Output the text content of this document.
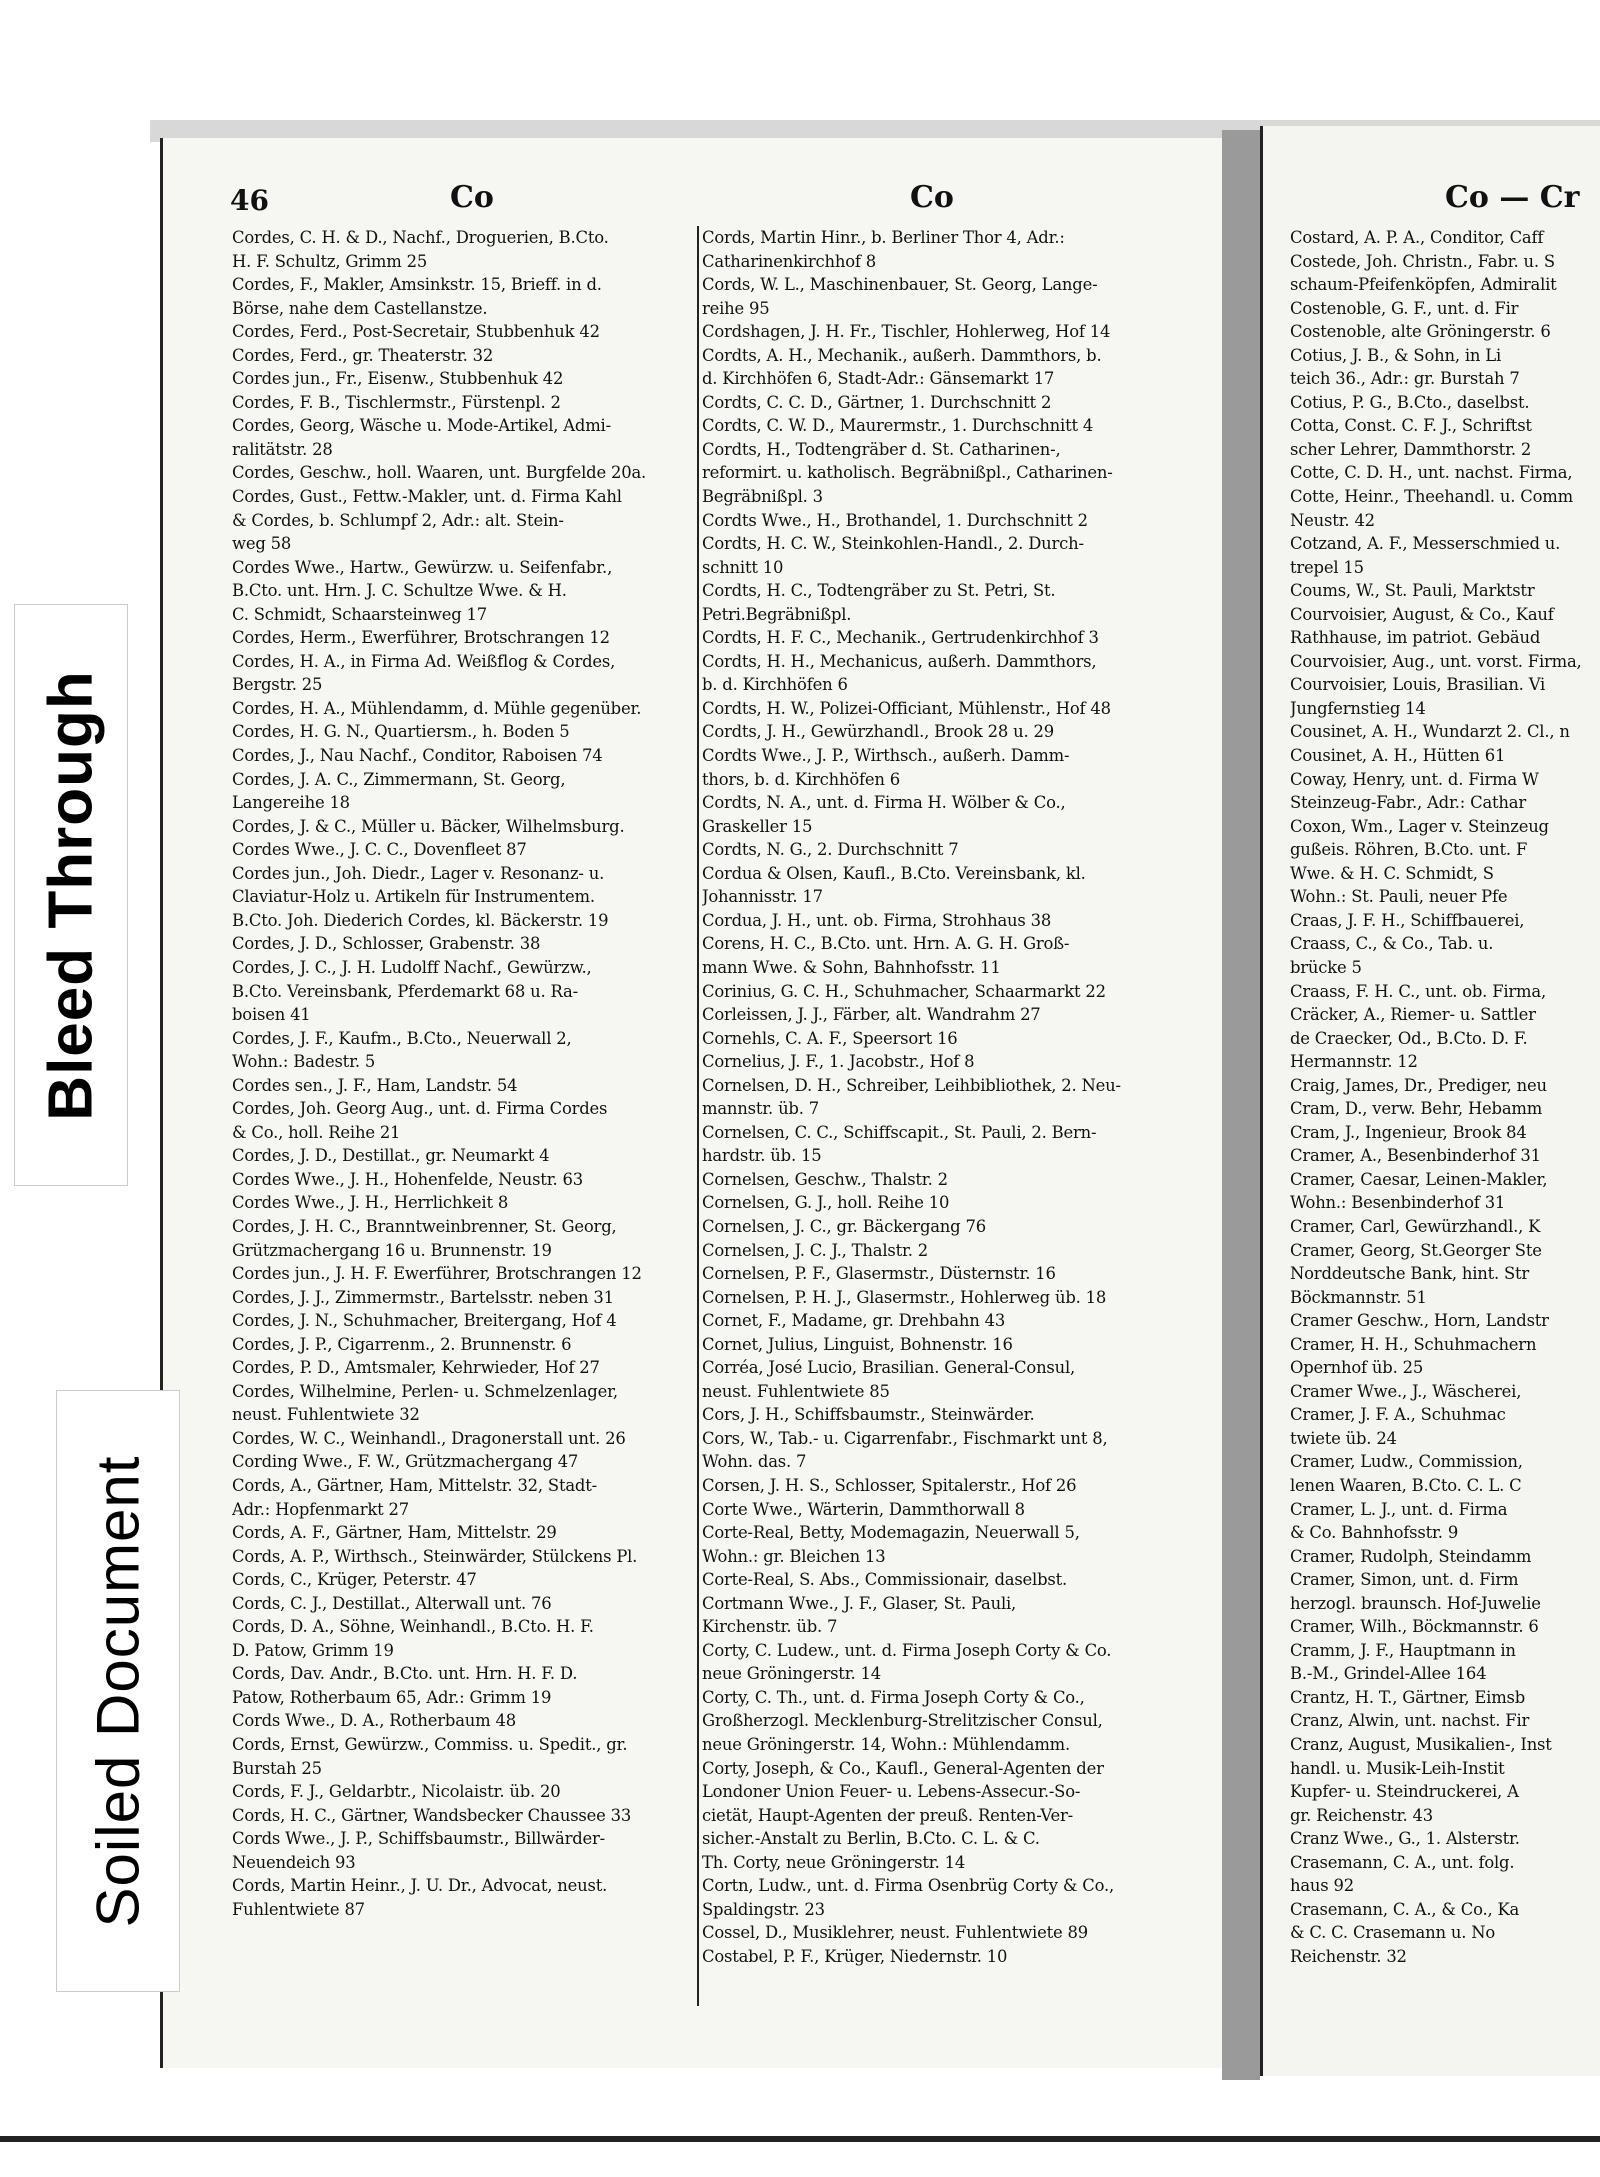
46	Co	Co	Co — Cr
Cordes, C. H. & D., Nachf., Droguerien, B.Cto.
H. F. Schultz, Grimm 25
Cordes, F., Makler, Amsinkstr. 15, Brieff. in d.
Börse, nahe dem Castellanstze.
Cordes, Ferd., Post-Secretair, Stubbenhuk 42
Cordes, Ferd., gr. Theaterstr. 32
Cordes jun., Fr., Eisenw., Stubbenhuk 42
Cordes, F. B., Tischlermstr., Fürstenpl. 2
Cordes, Georg, Wäsche u. Mode-Artikel, Admi-
ralitätstr. 28
Cordes, Geschw., holl. Waaren, unt. Burgfelde 20a.
Cordes, Gust., Fettw.-Makler, unt. d. Firma Kahl
& Cordes, b. Schlumpf 2, Adr.: alt. Stein-
weg 58
Cordes Wwe., Hartw., Gewürzw. u. Seifenfabr.,
B.Cto. unt. Hrn. J. C. Schultze Wwe. & H.
C. Schmidt, Schaarsteinweg 17
Cordes, Herm., Ewerführer, Brotschrangen 12
Cordes, H. A., in Firma Ad. Weißflog & Cordes,
Bergstr. 25
Cordes, H. A., Mühlendamm, d. Mühle gegenüber.
Cordes, H. G. N., Quartiersm., h. Boden 5
Cordes, J., Nau Nachf., Conditor, Raboisen 74
Cordes, J. A. C., Zimmermann, St. Georg,
Langereihe 18
Cordes, J. & C., Müller u. Bäcker, Wilhelmsburg.
Cordes Wwe., J. C. C., Dovenfleet 87
Cordes jun., Joh. Diedr., Lager v. Resonanz- u.
Claviatur-Holz u. Artikeln für Instrumentem.
B.Cto. Joh. Diederich Cordes, kl. Bäckerstr. 19
Cordes, J. D., Schlosser, Grabenstr. 38
Cordes, J. C., J. H. Ludolff Nachf., Gewürzw.,
B.Cto. Vereinsbank, Pferdemarkt 68 u. Ra-
boisen 41
Cordes, J. F., Kaufm., B.Cto., Neuerwall 2,
Wohn.: Badestr. 5
Cordes sen., J. F., Ham, Landstr. 54
Cordes, Joh. Georg Aug., unt. d. Firma Cordes
& Co., holl. Reihe 21
Cordes, J. D., Destillat., gr. Neumarkt 4
Cordes Wwe., J. H., Hohenfelde, Neustr. 63
Cordes Wwe., J. H., Herrlichkeit 8
Cordes, J. H. C., Branntweinbrenner, St. Georg,
Grützmachergang 16 u. Brunnenstr. 19
Cordes jun., J. H. F. Ewerführer, Brotschrangen 12
Cordes, J. J., Zimmermstr., Bartelsstr. neben 31
Cordes, J. N., Schuhmacher, Breitergang, Hof 4
Cordes, J. P., Cigarrenm., 2. Brunnenstr. 6
Cordes, P. D., Amtsmaler, Kehrwieder, Hof 27
Cordes, Wilhelmine, Perlen- u. Schmelzenlager,
neust. Fuhlentwiete 32
Cordes, W. C., Weinhandl., Dragonerstall unt. 26
Cording Wwe., F. W., Grützmachergang 47
Cords, A., Gärtner, Ham, Mittelstr. 32, Stadt-
Adr.: Hopfenmarkt 27
Cords, A. F., Gärtner, Ham, Mittelstr. 29
Cords, A. P., Wirthsch., Steinwärder, Stülckens Pl.
Cords, C., Krüger, Peterstr. 47
Cords, C. J., Destillat., Alterwall unt. 76
Cords, D. A., Söhne, Weinhandl., B.Cto. H. F.
D. Patow, Grimm 19
Cords, Dav. Andr., B.Cto. unt. Hrn. H. F. D.
Patow, Rotherbaum 65, Adr.: Grimm 19
Cords Wwe., D. A., Rotherbaum 48
Cords, Ernst, Gewürzw., Commiss. u. Spedit., gr.
Burstah 25
Cords, F. J., Geldarbtr., Nicolaistr. üb. 20
Cords, H. C., Gärtner, Wandsbecker Chaussee 33
Cords Wwe., J. P., Schiffsbaumstr., Billwärder-
Neuendeich 93
Cords, Martin Heinr., J. U. Dr., Advocat, neust.
Fuhlentwiete 87
Cords, Martin Hinr., b. Berliner Thor 4, Adr.:
Catharinenkirchhof 8
Cords, W. L., Maschinenbauer, St. Georg, Lange-
reihe 95
Cordshagen, J. H. Fr., Tischler, Hohlerweg, Hof 14
Cordts, A. H., Mechanik., außerh. Dammthors, b.
d. Kirchhöfen 6, Stadt-Adr.: Gänsemarkt 17
Cordts, C. C. D., Gärtner, 1. Durchschnitt 2
Cordts, C. W. D., Maurermstr., 1. Durchschnitt 4
Cordts, H., Todtengräber d. St. Catharinen-,
reformirt. u. katholisch. Begräbnißpl., Catharinen-
Begräbnißpl. 3
Cordts Wwe., H., Brothandel, 1. Durchschnitt 2
Cordts, H. C. W., Steinkohlen-Handl., 2. Durch-
schnitt 10
Cordts, H. C., Todtengräber zu St. Petri, St.
Petri.Begräbnißpl.
Cordts, H. F. C., Mechanik., Gertrudenkirchhof 3
Cordts, H. H., Mechanicus, außerh. Dammthors,
b. d. Kirchhöfen 6
Cordts, H. W., Polizei-Officiant, Mühlenstr., Hof 48
Cordts, J. H., Gewürzhandl., Brook 28 u. 29
Cordts Wwe., J. P., Wirthsch., außerh. Damm-
thors, b. d. Kirchhöfen 6
Cordts, N. A., unt. d. Firma H. Wölber & Co.,
Graskeller 15
Cordts, N. G., 2. Durchschnitt 7
Cordua & Olsen, Kaufl., B.Cto. Vereinsbank, kl.
Johannisstr. 17
Cordua, J. H., unt. ob. Firma, Strohhaus 38
Corens, H. C., B.Cto. unt. Hrn. A. G. H. Groß-
mann Wwe. & Sohn, Bahnhofsstr. 11
Corinius, G. C. H., Schuhmacher, Schaarmarkt 22
Corleissen, J. J., Färber, alt. Wandrahm 27
Cornehls, C. A. F., Speersort 16
Cornelius, J. F., 1. Jacobstr., Hof 8
Cornelsen, D. H., Schreiber, Leihbibliothek, 2. Neu-
mannstr. üb. 7
Cornelsen, C. C., Schiffscapit., St. Pauli, 2. Bern-
hardstr. üb. 15
Cornelsen, Geschw., Thalstr. 2
Cornelsen, G. J., holl. Reihe 10
Cornelsen, J. C., gr. Bäckergang 76
Cornelsen, J. C. J., Thalstr. 2
Cornelsen, P. F., Glasermstr., Düsternstr. 16
Cornelsen, P. H. J., Glasermstr., Hohlerweg üb. 18
Cornet, F., Madame, gr. Drehbahn 43
Cornet, Julius, Linguist, Bohnenstr. 16
Corréa, José Lucio, Brasilian. General-Consul,
neust. Fuhlentwiete 85
Cors, J. H., Schiffsbaumstr., Steinwärder.
Cors, W., Tab.- u. Cigarrenfabr., Fischmarkt unt 8,
Wohn. das. 7
Corsen, J. H. S., Schlosser, Spitalerstr., Hof 26
Corte Wwe., Wärterin, Dammthorwall 8
Corte-Real, Betty, Modemagazin, Neuerwall 5,
Wohn.: gr. Bleichen 13
Corte-Real, S. Abs., Commissionair, daselbst.
Cortmann Wwe., J. F., Glaser, St. Pauli,
Kirchenstr. üb. 7
Corty, C. Ludew., unt. d. Firma Joseph Corty & Co.
neue Gröningerstr. 14
Corty, C. Th., unt. d. Firma Joseph Corty & Co.,
Großherzogl. Mecklenburg-Strelitzischer Consul,
neue Gröningerstr. 14, Wohn.: Mühlendamm.
Corty, Joseph, & Co., Kaufl., General-Agenten der
Londoner Union Feuer- u. Lebens-Assecur.-So-
cietät, Haupt-Agenten der preuß. Renten-Ver-
sicher.-Anstalt zu Berlin, B.Cto. C. L. & C.
Th. Corty, neue Gröningerstr. 14
Cortn, Ludw., unt. d. Firma Osenbrüg Corty & Co.,
Spaldingstr. 23
Cossel, D., Musiklehrer, neust. Fuhlentwiete 89
Costabel, P. F., Krüger, Niedernstr. 10
Costard, A. P. A., Conditor, Caff
Costede, Joh. Christn., Fabr. u. S
schaum-Pfeifenköpfen, Admiralit
Costenoble, G. F., unt. d. Fir
Costenoble, alte Gröningerstr. 6
Cotius, J. B., & Sohn, in Li
teich 36., Adr.: gr. Burstah 7
Cotius, P. G., B.Cto., daselbst.
Cotta, Const. C. F. J., Schriftst
scher Lehrer, Dammthorstr. 2
Cotte, C. D. H., unt. nachst. Firma,
Cotte, Heinr., Theehandl. u. Comm
Neustr. 42
Cotzand, A. F., Messerschmied u.
trepel 15
Coums, W., St. Pauli, Marktstr
Courvoisier, August, & Co., Kauf
Rathhause, im patriot. Gebäud
Courvoisier, Aug., unt. vorst. Firma,
Courvoisier, Louis, Brasilian. Vi
Jungfernstieg 14
Cousinet, A. H., Wundarzt 2. Cl., n
Cousinet, A. H., Hütten 61
Coway, Henry, unt. d. Firma W
Steinzeug-Fabr., Adr.: Cathar
Coxon, Wm., Lager v. Steinzeug
gußeis. Röhren, B.Cto. unt. F
Wwe. & H. C. Schmidt, S
Wohn.: St. Pauli, neuer Pfe
Craas, J. F. H., Schiffbauerei,
Craass, C., & Co., Tab. u.
brücke 5
Craass, F. H. C., unt. ob. Firma,
Cräcker, A., Riemer- u. Sattler
de Craecker, Od., B.Cto. D. F.
Hermannstr. 12
Craig, James, Dr., Prediger, neu
Cram, D., verw. Behr, Hebamm
Cram, J., Ingenieur, Brook 84
Cramer, A., Besenbinderhof 31
Cramer, Caesar, Leinen-Makler,
Wohn.: Besenbinderhof 31
Cramer, Carl, Gewürzhandl., K
Cramer, Georg, St.Georger Ste
Norddeutsche Bank, hint. Str
Böckmannstr. 51
Cramer Geschw., Horn, Landstr
Cramer, H. H., Schuhmachern
Opernhof üb. 25
Cramer Wwe., J., Wäscherei,
Cramer, J. F. A., Schuhmac
twiete üb. 24
Cramer, Ludw., Commission,
lenen Waaren, B.Cto. C. L. C
Cramer, L. J., unt. d. Firma
& Co. Bahnhofsstr. 9
Cramer, Rudolph, Steindamm
Cramer, Simon, unt. d. Firm
herzogl. braunsch. Hof-Juwelie
Cramer, Wilh., Böckmannstr. 6
Cramm, J. F., Hauptmann in
B.-M., Grindel-Allee 164
Crantz, H. T., Gärtner, Eimsb
Cranz, Alwin, unt. nachst. Fir
Cranz, August, Musikalien-, Inst
handl. u. Musik-Leih-Instit
Kupfer- u. Steindruckerei, A
gr. Reichenstr. 43
Cranz Wwe., G., 1. Alsterstr.
Crasemann, C. A., unt. folg.
haus 92
Crasemann, C. A., & Co., Ka
& C. C. Crasemann u. No
Reichenstr. 32
Bleed Through
Soiled Document
